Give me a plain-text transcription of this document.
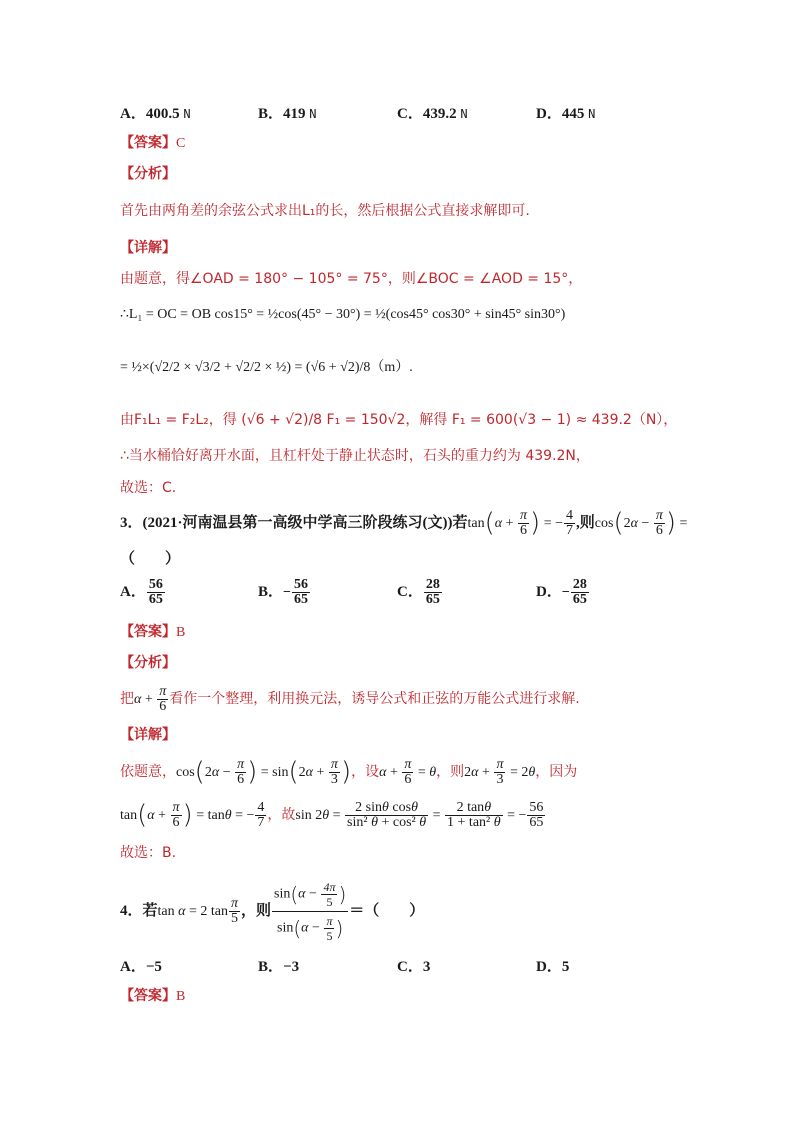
A．400.5 N	B．419 N	C．439.2 N	D．445 N
【答案】C
【分析】
首先由两角差的余弦公式求出L₁的长，然后根据公式直接求解即可.
【详解】
由题意，得∠OAD = 180° − 105° = 75°，则∠BOC = ∠AOD = 15°，
∴L₁ = OC = OB cos15° = ½cos(45° − 30°) = ½(cos45° cos30° + sin45° sin30°)
= ½×(√2/2 × √3/2 + √2/2 × ½) = (√6 + √2)/8（m）.
由F₁L₁ = F₂L₂，得 (√6 + √2)/8 F₁ = 150√2，解得 F₁ = 600(√3 − 1) ≈ 439.2（N），
∴当水桶恰好离开水面，且杠杆处于静止状态时，石头的重力约为 439.2N，
故选：C.
3．(2021·河南温县第一高级中学高三阶段练习(文))若$\tan(\alpha + \frac{\pi}{6}$ ) = − $\frac{4}{7}$ ,则$\cos(2\alpha - \frac{\pi}{6}$ ) =
（　　）
A． $\frac{56}{65}$	B．− $\frac{56}{65}$	C． $\frac{28}{65}$	D．− $\frac{28}{65}$
【答案】B
【分析】
把$\alpha + \frac{\pi}{6}$ 看作一个整理，利用换元法，诱导公式和正弦的万能公式进行求解.
【详解】
依题意，$\cos(2\alpha - \frac{\pi}{6}$ ) = $\sin(2\alpha + \frac{\pi}{3}$ )，设$\alpha + \frac{\pi}{6} = \theta$，则$2\alpha + \frac{\pi}{3} = 2\theta$，因为
$\tan(\alpha + \frac{\pi}{6}$ ) = tanθ = − $\frac{4}{7}$ ，故$\sin 2\theta = \frac{\text{2 sinθ cosθ}}{\text{sin² θ + cos² θ}} = \frac{2 \tan\theta}{\text{1 + tan² θ}}$ = − $\frac{56}{65}$
故选：B.
4．若tan α = 2 $\tan \frac{\pi}{5}$ ，则 $\frac{\sin(\alpha - \frac{4\pi}{5} )}{\sin(\alpha - \frac{\pi}{5} )}$ ＝（　　）
A．−5	B．−3	C．3	D．5
【答案】B
